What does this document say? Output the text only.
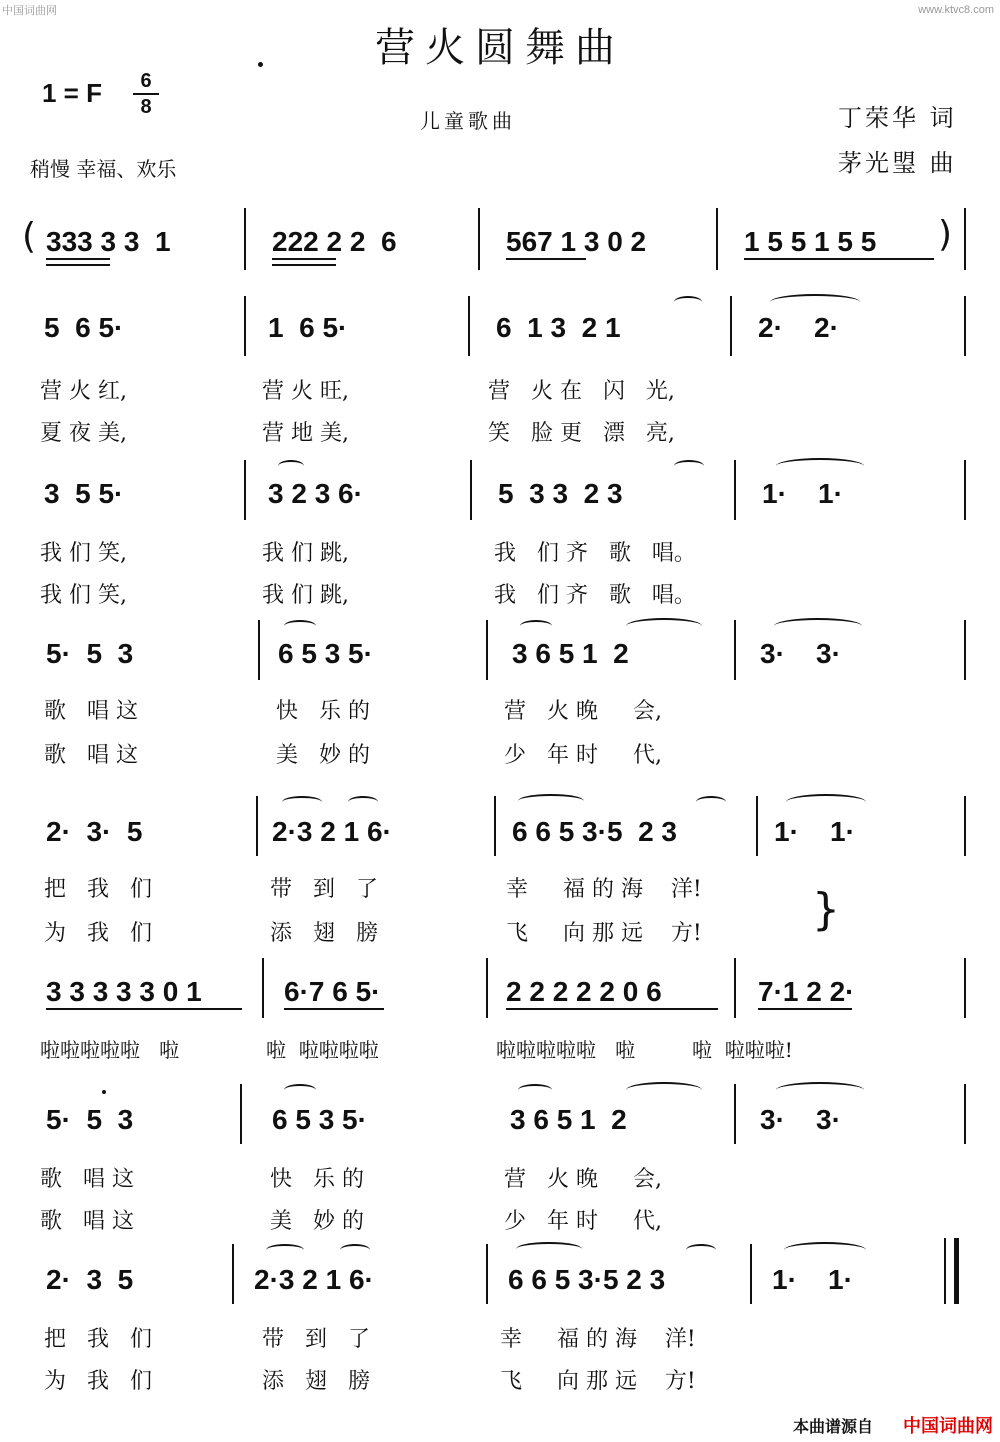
中国词曲网	www.ktvc8.com
营火圆舞曲
1 = F	6
8
儿童歌曲	丁荣华 词
茅光琞 曲
稍慢 幸福、欢乐
( 333 3 3  1	222 2 2  6	567 1 3 0 2	1 5 5 1 5 5 )
5  6 5·	1  6 5·	6  1 3  2 1	2·    2·
营 火 红,	营 火 旺,	营   火 在   闪   光,
夏 夜 美,	营 地 美,	笑   脸 更   漂   亮,
3  5 5·	3 2 3 6·	5  3 3  2 3	1·    1·
我 们 笑,	我 们 跳,	我   们 齐   歌   唱。
我 们 笑,	我 们 跳,	我   们 齐   歌   唱。
5·  5  3	6 5 3 5·	3 6 5 1  2	3·    3·
歌   唱 这	快   乐 的	营   火 晚     会,
歌   唱 这	美   妙 的	少   年 时     代,
2·  3·  5	2·3 2 1 6·	6 6 5 3·5  2 3	1·    1·
把   我   们	带   到   了	幸     福 的 海    洋!
为   我   们	添   翅   膀	飞     向 那 远    方!	}
3 3 3 3 3 0 1	6·7 6 5·	2 2 2 2 2 0 6	7·1 2 2·
啦啦啦啦啦   啦	啦  啦啦啦啦	啦啦啦啦啦   啦	啦  啦啦啦!
5·  5  3	6 5 3 5·	3 6 5 1  2	3·    3·
歌   唱 这	快   乐 的	营   火 晚     会,
歌   唱 这	美   妙 的	少   年 时     代,
2·  3  5	2·3 2 1 6·	6 6 5 3·5 2 3	1·    1·
把   我   们	带   到   了	幸     福 的 海    洋!
为   我   们	添   翅   膀	飞     向 那 远    方!
本曲谱源自 中国词曲网
